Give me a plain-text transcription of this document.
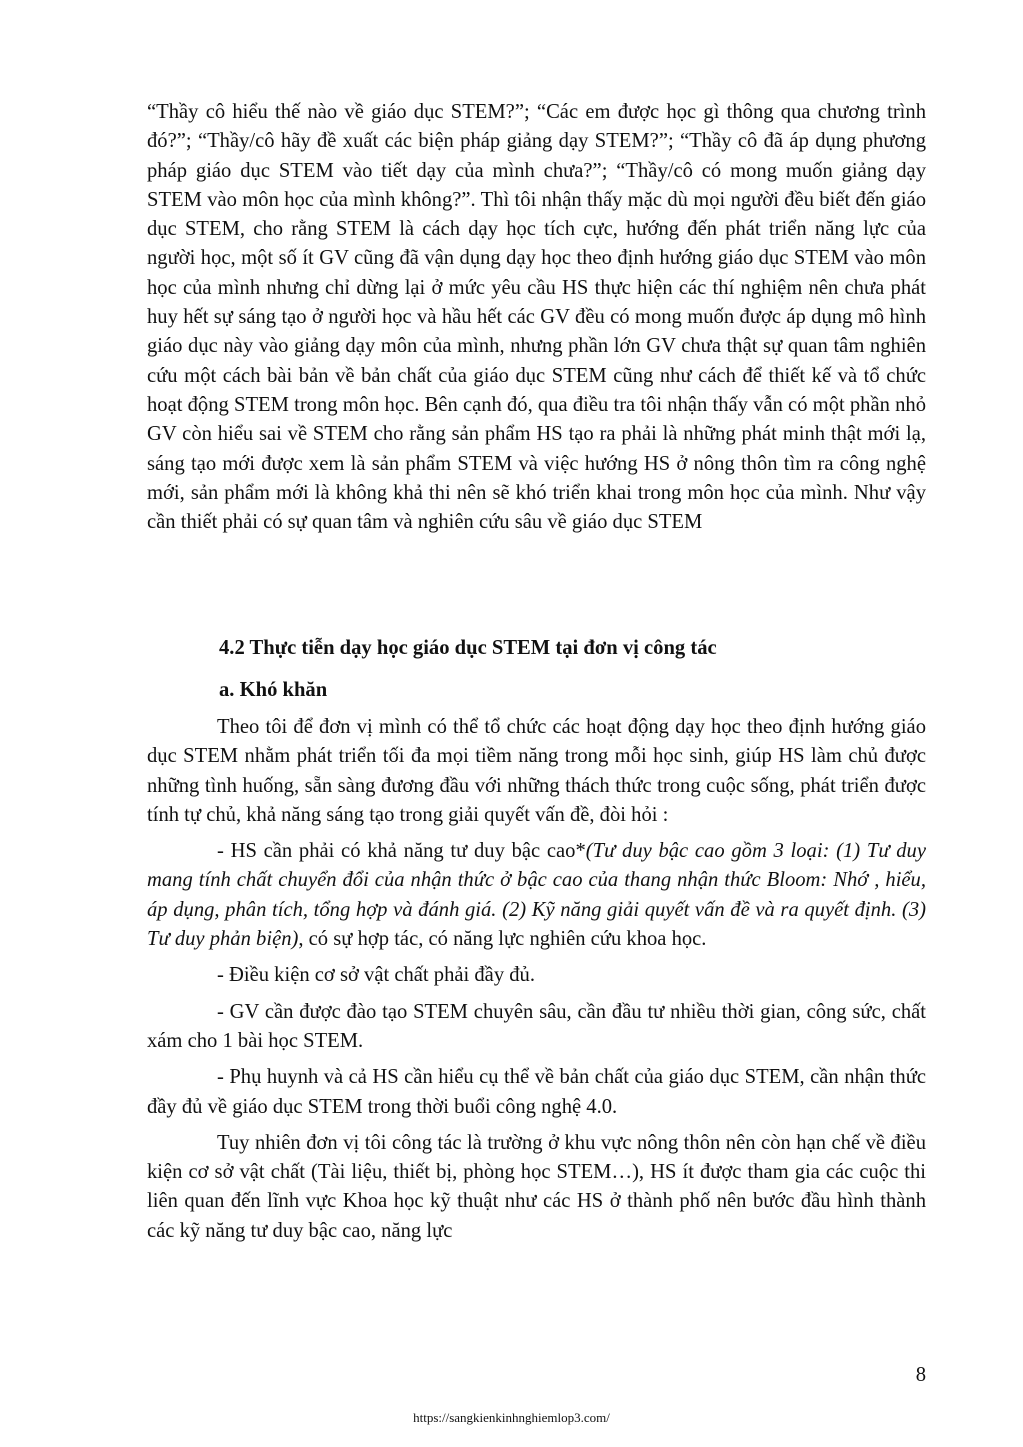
“Thầy cô hiểu thế nào về giáo dục STEM?”; “Các em được học gì thông qua chương trình đó?”; “Thầy/cô hãy đề xuất các biện pháp giảng dạy STEM?”; “Thầy cô đã áp dụng phương pháp giáo dục STEM vào tiết dạy của mình chưa?”; “Thầy/cô có mong muốn giảng dạy STEM vào môn học của mình không?”. Thì tôi nhận thấy mặc dù mọi người đều biết đến giáo dục STEM, cho rằng STEM là cách dạy học tích cực, hướng đến phát triển năng lực của người học, một số ít GV cũng đã vận dụng dạy học theo định hướng giáo dục STEM vào môn học của mình nhưng chỉ dừng lại ở mức yêu cầu HS thực hiện các thí nghiệm nên chưa phát huy hết sự sáng tạo ở người học và hầu hết các GV đều có mong muốn được áp dụng mô hình giáo dục này vào giảng dạy môn của mình, nhưng phần lớn GV chưa thật sự quan tâm nghiên cứu một cách bài bản về bản chất của giáo dục STEM cũng như cách để thiết kế và tổ chức hoạt động STEM trong môn học. Bên cạnh đó, qua điều tra tôi nhận thấy vẫn có một phần nhỏ GV còn hiểu sai về STEM cho rằng sản phẩm HS tạo ra phải là những phát minh thật mới lạ, sáng tạo mới được xem là sản phẩm STEM và việc hướng HS ở nông thôn tìm ra công nghệ mới, sản phẩm mới là không khả thi nên sẽ khó triển khai trong môn học của mình. Như vậy cần thiết phải có sự quan tâm và nghiên cứu sâu về giáo dục STEM

4.2 Thực tiễn dạy học giáo dục STEM tại đơn vị công tác
a. Khó khăn

Theo tôi để đơn vị mình có thể tổ chức các hoạt động dạy học theo định hướng giáo dục STEM nhằm phát triển tối đa mọi tiềm năng trong mỗi học sinh, giúp HS làm chủ được những tình huống, sẵn sàng đương đầu với những thách thức trong cuộc sống, phát triển được tính tự chủ, khả năng sáng tạo trong giải quyết vấn đề, đòi hỏi :

- HS cần phải có khả năng tư duy bậc cao*(Tư duy bậc cao gồm 3 loại: (1) Tư duy mang tính chất chuyển đổi của nhận thức ở bậc cao của thang nhận thức Bloom: Nhớ , hiểu, áp dụng, phân tích, tổng hợp và đánh giá. (2) Kỹ năng giải quyết vấn đề và ra quyết định. (3) Tư duy phản biện), có sự hợp tác, có năng lực nghiên cứu khoa học.

- Điều kiện cơ sở vật chất phải đầy đủ.

- GV cần được đào tạo STEM chuyên sâu, cần đầu tư nhiều thời gian, công sức, chất xám cho 1 bài học STEM.

- Phụ huynh và cả HS cần hiểu cụ thể về bản chất của giáo dục STEM, cần nhận thức đầy đủ về giáo dục STEM trong thời buổi công nghệ 4.0.

Tuy nhiên đơn vị tôi công tác là trường ở khu vực nông thôn nên còn hạn chế về điều kiện cơ sở vật chất (Tài liệu, thiết bị, phòng học STEM…), HS ít được tham gia các cuộc thi liên quan đến lĩnh vực Khoa học kỹ thuật như các HS ở thành phố nên bước đầu hình thành các kỹ năng tư duy bậc cao, năng lực

8
https://sangkienkinhnghiemlop3.com/
